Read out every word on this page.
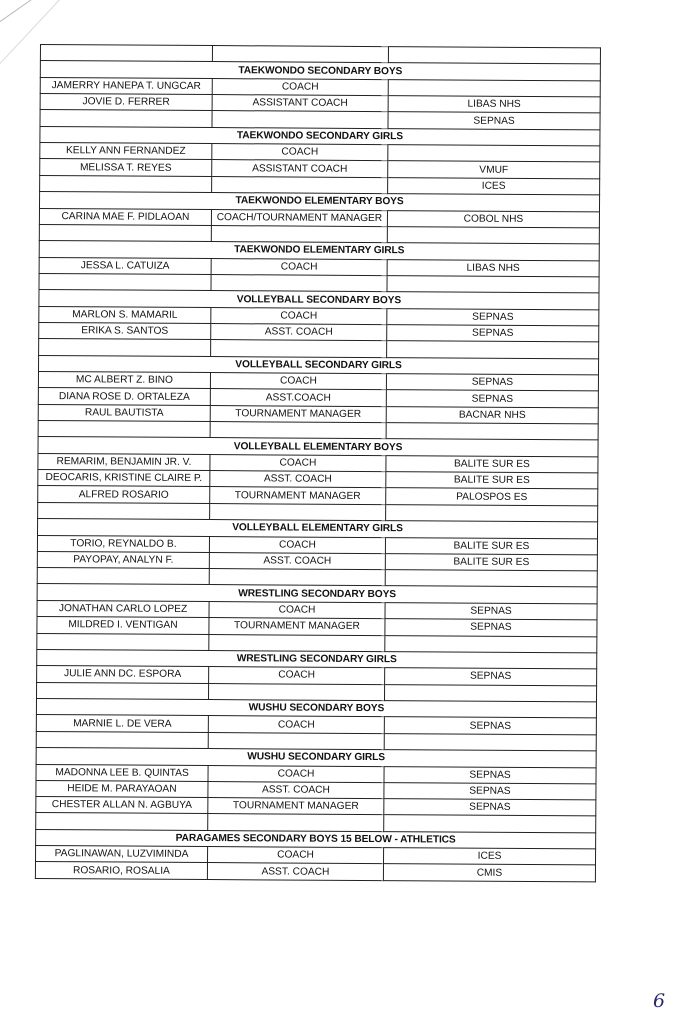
TAEKWONDO SECONDARY BOYS		
JAMERRY HANEPA T. UNGCAR	COACH	
JOVIE D. FERRER	ASSISTANT COACH	LIBAS NHS
		SEPNAS
TAEKWONDO SECONDARY GIRLS		
KELLY ANN FERNANDEZ	COACH	
MELISSA T. REYES	ASSISTANT COACH	VMUF
		ICES
TAEKWONDO ELEMENTARY BOYS		
CARINA MAE F. PIDLAOAN	COACH/TOURNAMENT MANAGER	COBOL NHS

TAEKWONDO ELEMENTARY GIRLS		
JESSA L. CATUIZA	COACH	LIBAS NHS

VOLLEYBALL SECONDARY BOYS		
MARLON S. MAMARIL	COACH	SEPNAS
ERIKA S. SANTOS	ASST. COACH	SEPNAS

VOLLEYBALL SECONDARY GIRLS		
MC ALBERT Z. BINO	COACH	SEPNAS
DIANA ROSE D. ORTALEZA	ASST.COACH	SEPNAS
RAUL BAUTISTA	TOURNAMENT MANAGER	BACNAR NHS

VOLLEYBALL ELEMENTARY BOYS		
REMARIM, BENJAMIN JR. V.	COACH	BALITE SUR ES
DEOCARIS, KRISTINE CLAIRE P.	ASST. COACH	BALITE SUR ES
ALFRED ROSARIO	TOURNAMENT MANAGER	PALOSPOS ES

VOLLEYBALL ELEMENTARY GIRLS		
TORIO, REYNALDO B.	COACH	BALITE SUR ES
PAYOPAY, ANALYN F.	ASST. COACH	BALITE SUR ES

WRESTLING SECONDARY BOYS		
JONATHAN CARLO LOPEZ	COACH	SEPNAS
MILDRED I. VENTIGAN	TOURNAMENT MANAGER	SEPNAS

WRESTLING SECONDARY GIRLS		
JULIE ANN DC. ESPORA	COACH	SEPNAS

WUSHU SECONDARY BOYS		
MARNIE L. DE VERA	COACH	SEPNAS

WUSHU SECONDARY GIRLS		
MADONNA LEE B. QUINTAS	COACH	SEPNAS
HEIDE M. PARAYAOAN	ASST. COACH	SEPNAS
CHESTER ALLAN N. AGBUYA	TOURNAMENT MANAGER	SEPNAS

PARAGAMES SECONDARY BOYS 15 BELOW - ATHLETICS		
PAGLINAWAN, LUZVIMINDA	COACH	ICES
ROSARIO, ROSALIA	ASST. COACH	CMIS
6
